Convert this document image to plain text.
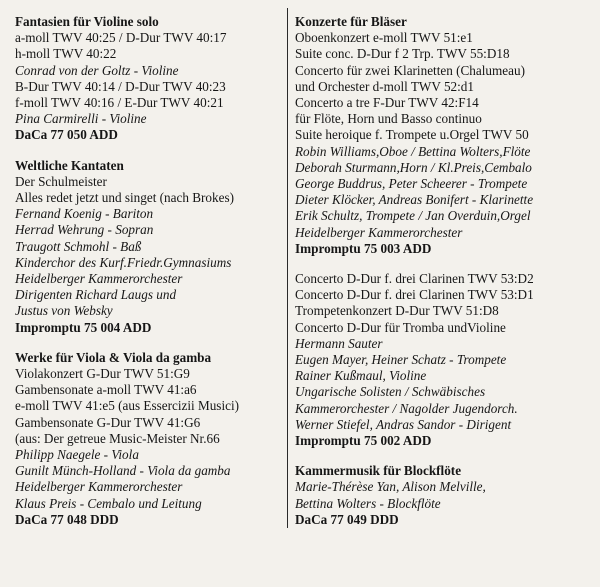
Fantasien für Violine solo
a-moll TWV 40:25 / D-Dur TWV 40:17
h-moll TWV 40:22
Conrad von der Goltz - Violine
B-Dur TWV 40:14 / D-Dur TWV 40:23
f-moll TWV 40:16 / E-Dur TWV 40:21
Pina Carmirelli - Violine
DaCa 77 050 ADD
Weltliche Kantaten
Der Schulmeister
Alles redet jetzt und singet (nach Brokes)
Fernand Koenig - Bariton
Herrad Wehrung - Sopran
Traugott Schmohl - Baß
Kinderchor des Kurf.Friedr.Gymnasiums
Heidelberger Kammerorchester
Dirigenten Richard Laugs und
Justus von Websky
Impromptu 75 004 ADD
Werke für Viola & Viola da gamba
Violakonzert G-Dur TWV 51:G9
Gambensonate a-moll TWV 41:a6
e-moll TWV 41:e5 (aus Essercizii Musici)
Gambensonate G-Dur TWV 41:G6
(aus: Der getreue Music-Meister Nr.66
Philipp Naegele - Viola
Gunilt Münch-Holland - Viola da gamba
Heidelberger Kammerorchester
Klaus Preis - Cembalo und Leitung
DaCa 77 048 DDD
Konzerte für Bläser
Oboenkonzert e-moll TWV 51:e1
Suite conc. D-Dur f 2 Trp. TWV 55:D18
Concerto für zwei Klarinetten (Chalumeau)
und Orchester d-moll TWV 52:d1
Concerto a tre F-Dur TWV 42:F14
für Flöte, Horn und Basso continuo
Suite heroique f. Trompete u.Orgel TWV 50
Robin Williams,Oboe / Bettina Wolters,Flöte
Deborah Sturmann,Horn / Kl.Preis,Cembalo
George Buddrus, Peter Scheerer - Trompete
Dieter Klöcker, Andreas Bonifert - Klarinette
Erik Schultz, Trompete / Jan Overduin,Orgel
Heidelberger Kammerorchester
Impromptu 75 003 ADD
Concerto D-Dur f. drei Clarinen TWV 53:D2
Concerto D-Dur f. drei Clarinen TWV 53:D1
Trompetenkonzert D-Dur TWV 51:D8
Concerto D-Dur für Tromba undVioline
Hermann Sauter
Eugen Mayer, Heiner Schatz - Trompete
Rainer Kußmaul, Violine
Ungarische Solisten / Schwäbisches
Kammerorchester / Nagolder Jugendorch.
Werner Stiefel, Andras Sandor - Dirigent
Impromptu 75 002 ADD
Kammermusik für Blockflöte
Marie-Thérèse Yan, Alison Melville,
Bettina Wolters - Blockflöte
DaCa 77 049 DDD
